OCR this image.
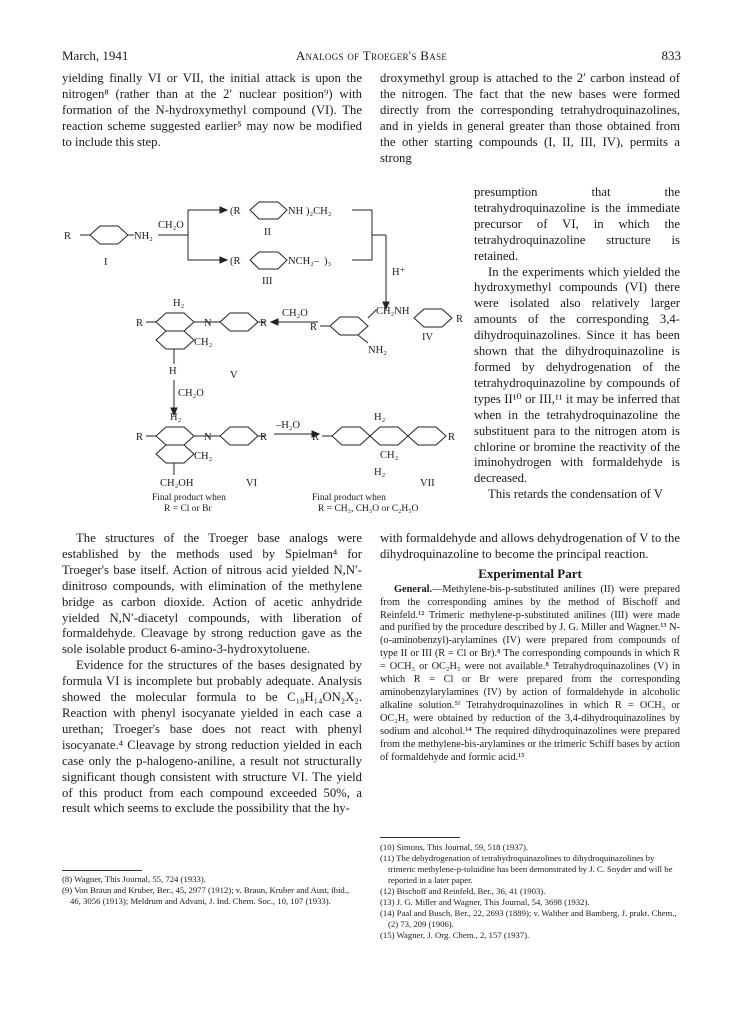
March, 1941	Analogs of Troeger's Base	833

yielding finally VI or VII, the initial attack is upon the nitrogen⁸ (rather than at the 2′ nuclear position⁹) with formation of the N-hydroxymethyl compound (VI). The reaction scheme suggested earlier⁵ may now be modified to include this step.

droxymethyl group is attached to the 2′ carbon instead of the nitrogen. The fact that the new bases were formed directly from the corresponding tetrahydroquinazolines, and in yields in general greater than those obtained from the other starting compounds (I, II, III, IV), permits a strong

presumption that the tetrahydroquinazoline is the immediate precursor of VI, in which the tetrahydroquinazoline structure is retained.

In the experiments which yielded the hydroxymethyl compounds (VI) there were isolated also relatively larger amounts of the corresponding 3,4-dihydroquinazolines. Since it has been shown that the dihydroquinazoline is formed by dehydrogenation of the tetrahydroquinazoline by compounds of types II¹⁰ or III,¹¹ it may be inferred that when in the tetrahydroquinazoline the substituent para to the nitrogen atom is chlorine or bromine the reactivity of the iminohydrogen with formaldehyde is decreased.

This retards the condensation of V

R	NH₂
I
CH₂O
(R	NH )₂CH₂
II
(R	NCH₂– )₃
III
H⁺
H₂
R	N	R
CH₂
H
CH₂O
V
CH₂O
R
CH₂NH
R
NH₂
IV
H₂
R	N	R
CH₂
CH₂OH	VI
–H₂O
R
H₂
CH₂
H₂
R
VII
Final product when
R = Cl or Br
Final product when
R = CH₃, CH₃O or C₂H₅O

The structures of the Troeger base analogs were established by the methods used by Spielman⁴ for Troeger's base itself. Action of nitrous acid yielded N,N′-dinitroso compounds, with elimination of the methylene bridge as carbon dioxide. Action of acetic anhydride yielded N,N′-diacetyl compounds, with liberation of formaldehyde. Cleavage by strong reduction gave as the sole isolable product 6-amino-3-hydroxytoluene.

Evidence for the structures of the bases designated by formula VI is incomplete but probably adequate. Analysis showed the molecular formula to be C₁₈H₁₄ON₂X₂. Reaction with phenyl isocyanate yielded in each case a urethan; Troeger's base does not react with phenyl isocyanate.⁴ Cleavage by strong reduction yielded in each case only the p-halogeno-aniline, a result not structurally significant though consistent with structure VI. The yield of this product from each compound exceeded 50%, a result which seems to exclude the possibility that the hy-

with formaldehyde and allows dehydrogenation of V to the dihydroquinazoline to become the principal reaction.

Experimental Part

General.—Methylene-bis-p-substituted anilines (II) were prepared from the corresponding amines by the method of Bischoff and Reinfeld.¹² Trimeric methylene-p-substituted anilines (III) were made and purified by the procedure described by J. G. Miller and Wagner.¹³ N-(o-aminobenzyl)-arylamines (IV) were prepared from compounds of type II or III (R = Cl or Br).⁸ The corresponding compounds in which R = OCH₃ or OC₂H₅ were not available.⁸ Tetrahydroquinazolines (V) in which R = Cl or Br were prepared from the corresponding aminobenzylarylamines (IV) by action of formaldehyde in alcoholic alkaline solution.⁵ᶠ Tetrahydroquinazolines in which R = OCH₃ or OC₂H₅ were obtained by reduction of the 3,4-dihydroquinazolines by sodium and alcohol.¹⁴ The required dihydroquinazolines were prepared from the methylene-bis-arylamines or the trimeric Schiff bases by action of formaldehyde and formic acid.¹⁵

(8) Wagner, This Journal, 55, 724 (1933).

(9) Von Braun and Kruber, Ber., 45, 2977 (1912); v. Braun, Kruber and Aust, ibid., 46, 3056 (1913); Meldrum and Advani, J. Ind. Chem. Soc., 10, 107 (1933).

(10) Simons, This Journal, 59, 518 (1937).

(11) The dehydrogenation of tetrahydroquinazolines to dihydroquinazolines by trimeric methylene-p-toluidine has been demonstrated by J. C. Snyder and will be reported in a later paper.

(12) Bischoff and Reinfeld, Ber., 36, 41 (1903).

(13) J. G. Miller and Wagner, This Journal, 54, 3698 (1932).

(14) Paal and Busch, Ber., 22, 2693 (1889); v. Walther and Bamberg, J. prakt. Chem., (2) 73, 209 (1906).

(15) Wagner, J. Org. Chem., 2, 157 (1937).
